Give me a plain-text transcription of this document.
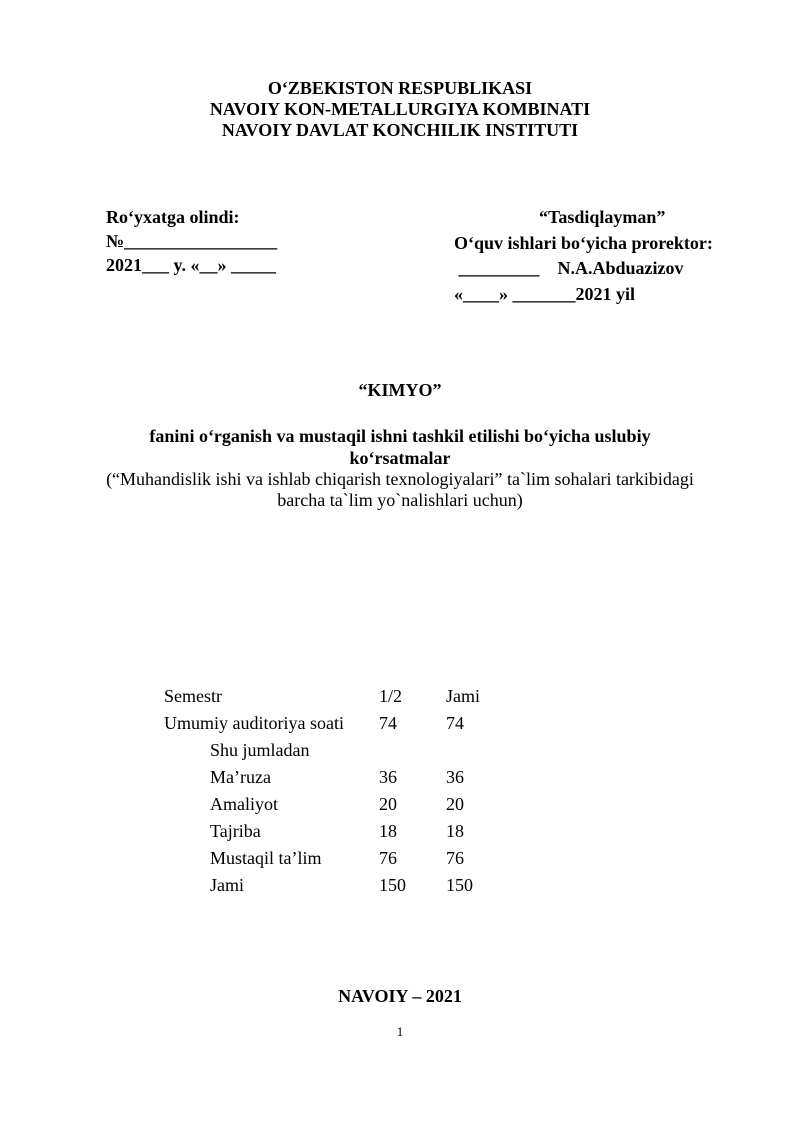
O‘ZBEKISTON RESPUBLIKASI
NAVOIY KON-METALLURGIYA KOMBINATI
NAVOIY DAVLAT KONCHILIK INSTITUTI
Ro‘yxatga olindi:
№_________________
2021___ y. «__» _____
“Tasdiqlayman”
O‘quv ishlari bo‘yicha prorektor:
_________    N.A.Abduazizov
«____» _______2021 yil
“KIMYO”
fanini o‘rganish va mustaqil ishni tashkil etilishi bo‘yicha uslubiy
ko‘rsatmalar
(“Muhandislik ishi va ishlab chiqarish texnologiyalari” ta`lim sohalari tarkibidagi
barcha ta`lim yo`nalishlari uchun)
Semestr	1/2	Jami
Umumiy auditoriya soati	74	74
Shu jumladan
Ma’ruza	36	36
Amaliyot	20	20
Tajriba	18	18
Mustaqil ta’lim	76	76
Jami	150	150
NAVOIY – 2021
1
